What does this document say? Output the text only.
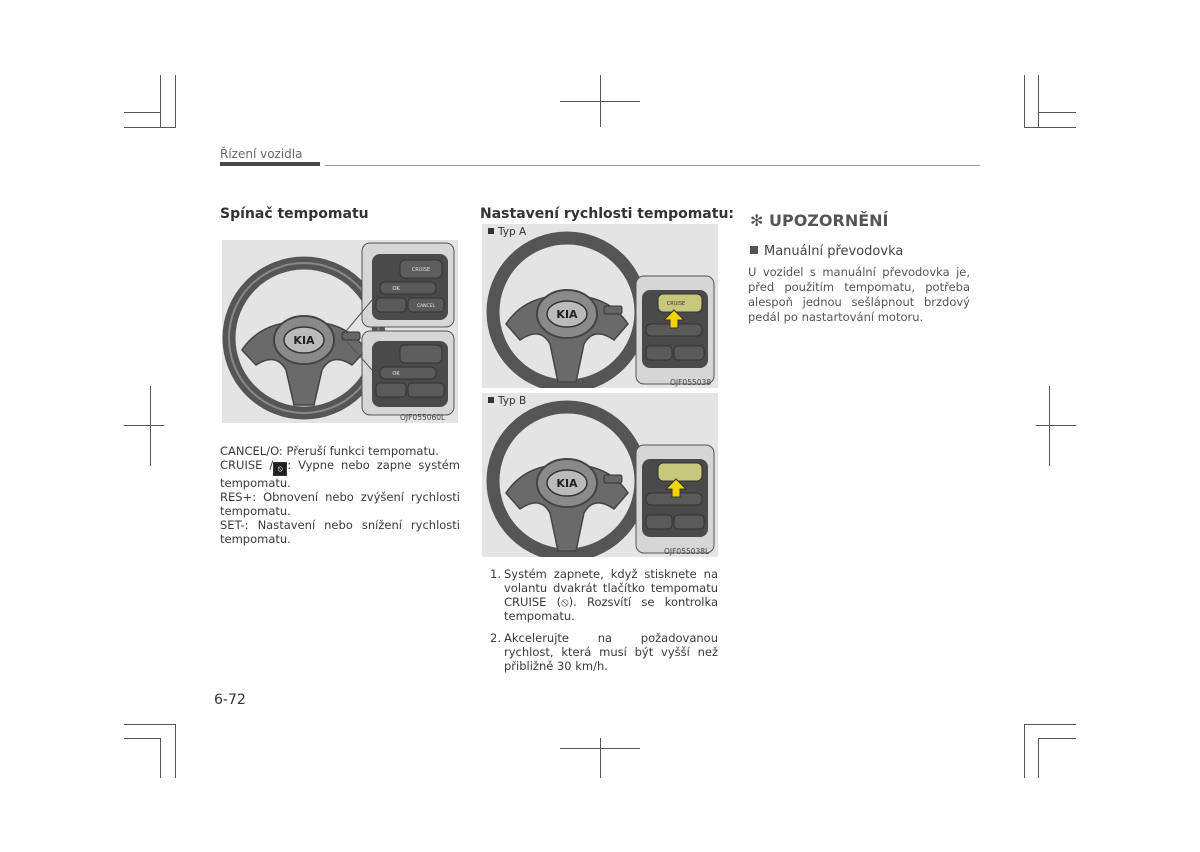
Řízení vozidla
Spínač tempomatu
KIA
CRUISE
OK
CANCEL
OK
OJF055060L

CANCEL/O: Přeruší funkci tempomatu.

CRUISE / ⦸ : Vypne nebo zapne systém tempomatu.

RES+: Obnovení nebo zvýšení rychlosti tempomatu.

SET-: Nastavení nebo snížení rychlosti tempomatu.

Nastavení rychlosti tempomatu:
KIA
CRUISE
Typ A
OJF055038
KIA
Typ B
OJF055038L
1. Systém zapnete, když stisknete na volantu dvakrát tlačítko tempomatu CRUISE (⦸). Rozsvítí se kontrolka tempomatu.
2. Akcelerujte na požadovanou rychlost, která musí být vyšší než přibližně 30 km/h.
✻ UPOZORNĚNÍ
Manuální převodovka
U vozidel s manuální převodovka je, před použitím tempomatu, potřeba alespoň jednou sešlápnout brzdový pedál po nastartování motoru.
6-72
